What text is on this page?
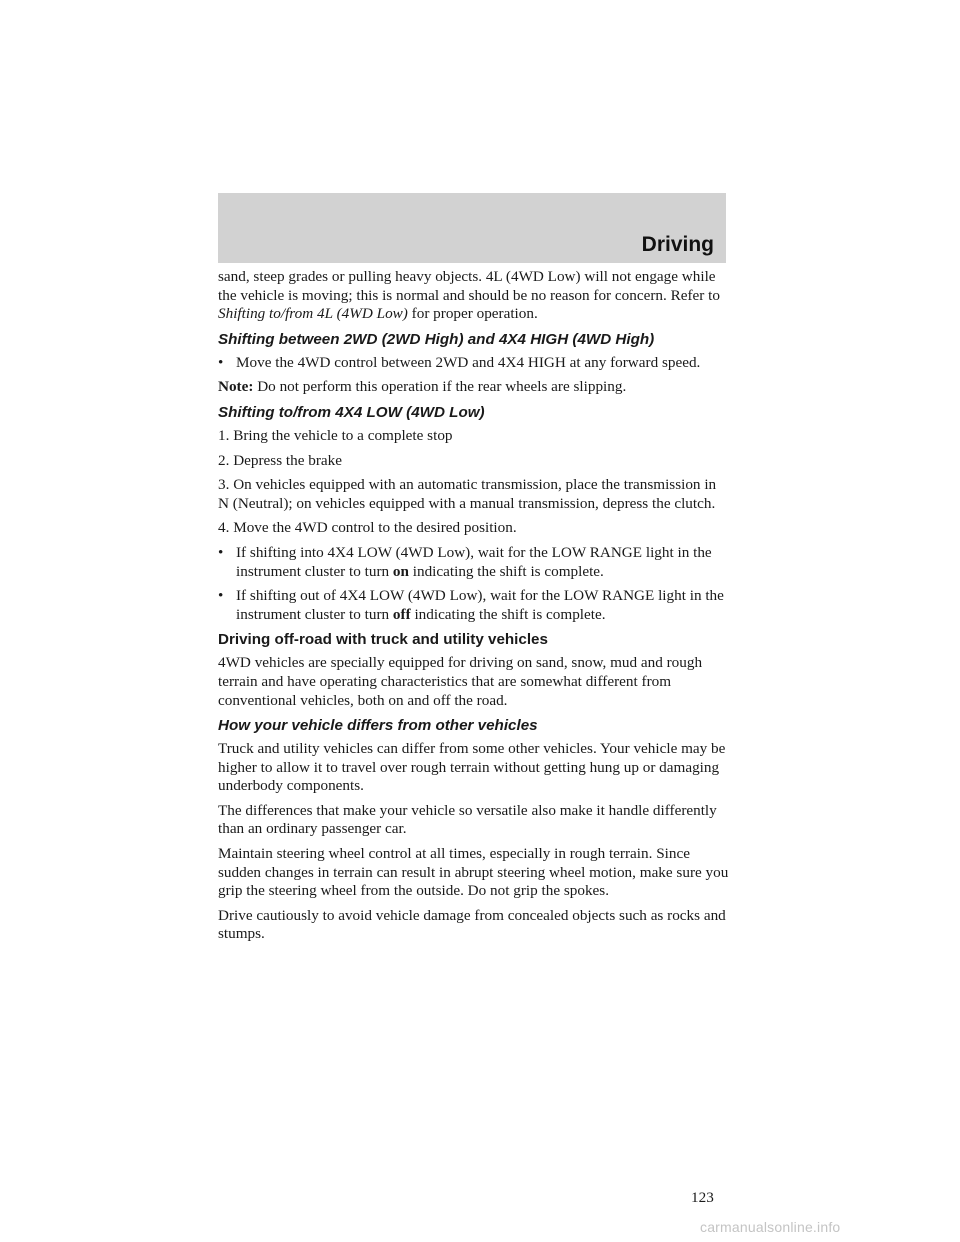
Driving

sand, steep grades or pulling heavy objects. 4L (4WD Low) will not engage while the vehicle is moving; this is normal and should be no reason for concern. Refer to Shifting to/from 4L (4WD Low) for proper operation.

Shifting between 2WD (2WD High) and 4X4 HIGH (4WD High)

• Move the 4WD control between 2WD and 4X4 HIGH at any forward speed.

Note: Do not perform this operation if the rear wheels are slipping.

Shifting to/from 4X4 LOW (4WD Low)

1. Bring the vehicle to a complete stop

2. Depress the brake

3. On vehicles equipped with an automatic transmission, place the transmission in N (Neutral); on vehicles equipped with a manual transmission, depress the clutch.

4. Move the 4WD control to the desired position.

• If shifting into 4X4 LOW (4WD Low), wait for the LOW RANGE light in the instrument cluster to turn on indicating the shift is complete.

• If shifting out of 4X4 LOW (4WD Low), wait for the LOW RANGE light in the instrument cluster to turn off indicating the shift is complete.

Driving off-road with truck and utility vehicles

4WD vehicles are specially equipped for driving on sand, snow, mud and rough terrain and have operating characteristics that are somewhat different from conventional vehicles, both on and off the road.

How your vehicle differs from other vehicles

Truck and utility vehicles can differ from some other vehicles. Your vehicle may be higher to allow it to travel over rough terrain without getting hung up or damaging underbody components.

The differences that make your vehicle so versatile also make it handle differently than an ordinary passenger car.

Maintain steering wheel control at all times, especially in rough terrain. Since sudden changes in terrain can result in abrupt steering wheel motion, make sure you grip the steering wheel from the outside. Do not grip the spokes.

Drive cautiously to avoid vehicle damage from concealed objects such as rocks and stumps.

123

carmanualsonline.info
